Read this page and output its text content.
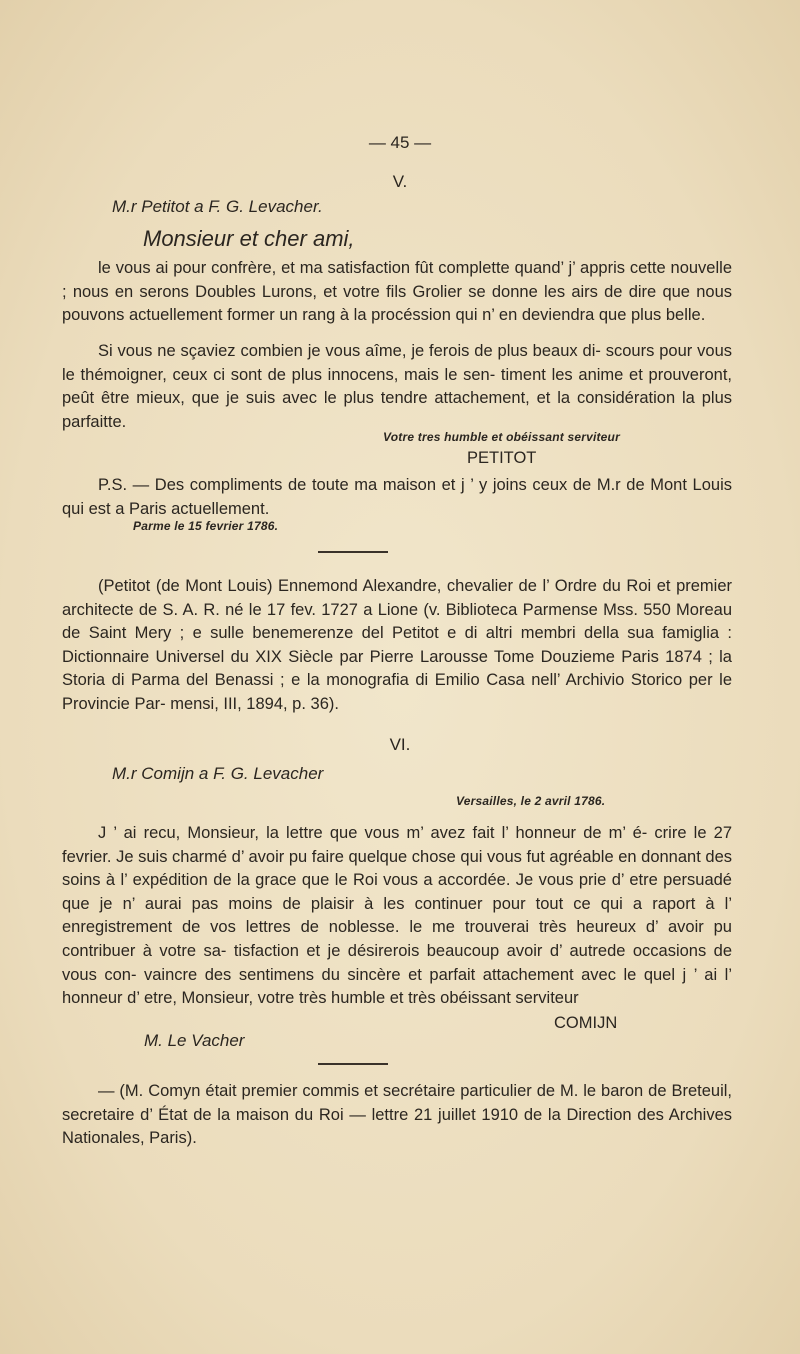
— 45 —
V.
M.r Petitot a F. G. Levacher.
Monsieur et cher ami,

le vous ai pour confrère, et ma satisfaction fût complette quand’ j’ appris cette nouvelle ; nous en serons Doubles Lurons, et votre fils Grolier se donne les airs de dire que nous pouvons actuellement former un rang à la procéssion qui n’ en deviendra que plus belle.

Si vous ne sçaviez combien je vous aîme, je ferois de plus beaux di- scours pour vous le thémoigner, ceux ci sont de plus innocens, mais le sen- timent les anime et prouveront, peût être mieux, que je suis avec le plus tendre attachement, et la considération la plus parfaitte.

Votre tres humble et obéissant serviteur
PETITOT

P.S. — Des compliments de toute ma maison et j ’ y joins ceux de M.r de Mont Louis qui est a Paris actuellement.

Parme le 15 fevrier 1786.

(Petitot (de Mont Louis) Ennemond Alexandre, chevalier de l’ Ordre du Roi et premier architecte de S. A. R. né le 17 fev. 1727 a Lione (v. Biblioteca Parmense Mss. 550 Moreau de Saint Mery ; e sulle benemerenze del Petitot e di altri membri della sua famiglia : Dictionnaire Universel du XIX Siècle par Pierre Larousse Tome Douzieme Paris 1874 ; la Storia di Parma del Benassi ; e la monografia di Emilio Casa nell’ Archivio Storico per le Provincie Par- mensi, III, 1894, p. 36).

VI.
M.r Comijn a F. G. Levacher
Versailles, le 2 avril 1786.

J ’ ai recu, Monsieur, la lettre que vous m’ avez fait l’ honneur de m’ é- crire le 27 fevrier. Je suis charmé d’ avoir pu faire quelque chose qui vous fut agréable en donnant des soins à l’ expédition de la grace que le Roi vous a accordée. Je vous prie d’ etre persuadé que je n’ aurai pas moins de plaisir à les continuer pour tout ce qui a raport à l’ enregistrement de vos lettres de noblesse. le me trouverai très heureux d’ avoir pu contribuer à votre sa- tisfaction et je désirerois beaucoup avoir d’ autrede occasions de vous con- vaincre des sentimens du sincère et parfait attachement avec le quel j ’ ai l’ honneur d’ etre, Monsieur, votre très humble et très obéissant serviteur

COMIJN
M. Le Vacher

— (M. Comyn était premier commis et secrétaire particulier de M. le baron de Breteuil, secretaire d’ État de la maison du Roi — lettre 21 juillet 1910 de la Direction des Archives Nationales, Paris).
